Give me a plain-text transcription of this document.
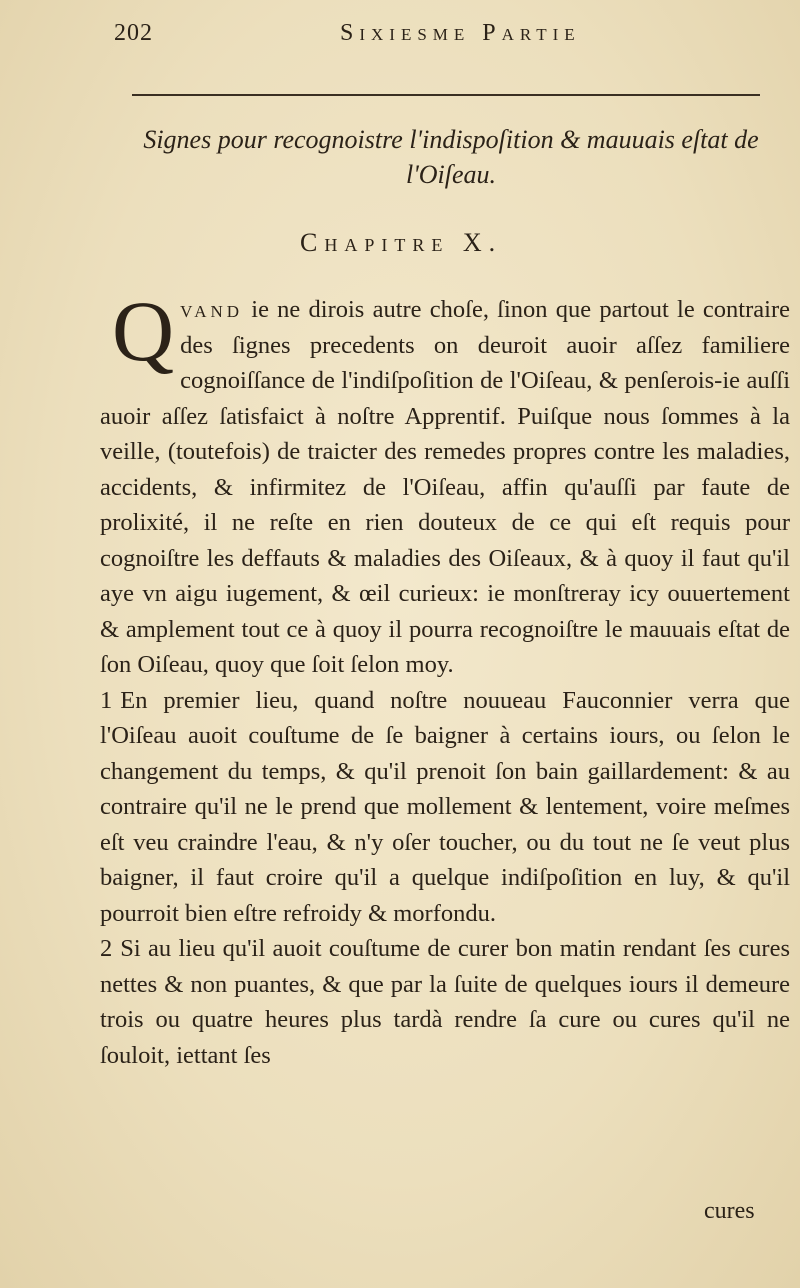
202	Sixiesme Partie
Signes pour recognoistre l'indispoſition & mauuais eſtat de l'Oiſeau.
Chapitre X.

Qvand ie ne dirois autre choſe, ſinon que partout le contraire des ſignes precedents on deuroit auoir aſſez familiere cognoiſſance de l'indiſpoſition de l'Oiſeau, & penſerois-ie auſſi auoir aſſez ſatisfaict à noſtre Apprentif. Puiſque nous ſommes à la veille, (toutefois) de traicter des remedes propres contre les maladies, accidents, & infirmitez de l'Oiſeau, affin qu'auſſi par faute de prolixité, il ne reſte en rien douteux de ce qui eſt requis pour cognoiſtre les deffauts & maladies des Oiſeaux, & à quoy il faut qu'il aye vn aigu iugement, & œil curieux: ie monſtreray icy ouuertement & amplement tout ce à quoy il pourra recognoiſtre le mauuais eſtat de ſon Oiſeau, quoy que ſoit ſelon moy.

1 En premier lieu, quand noſtre nouueau Fauconnier verra que l'Oiſeau auoit couſtume de ſe baigner à certains iours, ou ſelon le changement du temps, & qu'il prenoit ſon bain gaillardement: & au contraire qu'il ne le prend que mollement & lentement, voire meſmes eſt veu craindre l'eau, & n'y oſer toucher, ou du tout ne ſe veut plus baigner, il faut croire qu'il a quelque indiſpoſition en luy, & qu'il pourroit bien eſtre refroidy & morfondu.

2 Si au lieu qu'il auoit couſtume de curer bon matin rendant ſes cures nettes & non puantes, & que par la ſuite de quelques iours il demeure trois ou quatre heures plus tardà rendre ſa cure ou cures qu'il ne ſouloit, iettant ſes

cures
